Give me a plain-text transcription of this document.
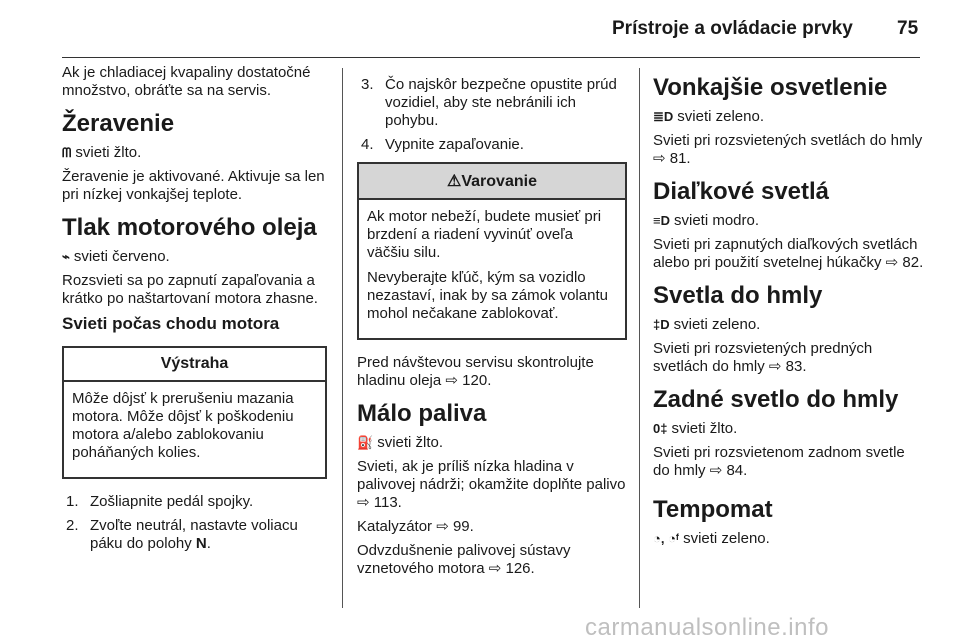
Prístroje a ovládacie prvky 75

Ak je chladiacej kvapaliny dostatočné množstvo, obráťte sa na servis.

Žeravenie

ᗰ svieti žlto.

Žeravenie je aktivované. Aktivuje sa len pri nízkej vonkajšej teplote.

Tlak motorového oleja

⌁ svieti červeno.

Rozsvieti sa po zapnutí zapaľovania a krátko po naštartovaní motora zhasne.

Svieti počas chodu motora
Výstraha

Môže dôjsť k prerušeniu mazania motora. Môže dôjsť k poškodeniu motora a/alebo zablokovaniu poháňaných kolies.

1. Zošliapnite pedál spojky.
2. Zvoľte neutrál, nastavte voliacu páku do polohy N.
3. Čo najskôr bezpečne opustite prúd vozidiel, aby ste nebránili ich pohybu.
4. Vypnite zapaľovanie.
⚠Varovanie

Ak motor nebeží, budete musieť pri brzdení a riadení vyvinúť oveľa väčšiu silu.

Nevyberajte kľúč, kým sa vozidlo nezastaví, inak by sa zámok volantu mohol nečakane zablokovať.

Pred návštevou servisu skontrolujte hladinu oleja ⇨ 120.

Málo paliva

⛽ svieti žlto.

Svieti, ak je príliš nízka hladina v palivovej nádrži; okamžite doplňte palivo ⇨ 113.

Katalyzátor ⇨ 99.

Odvzdušnenie palivovej sústavy vznetového motora ⇨ 126.

Vonkajšie osvetlenie

≣D svieti zeleno.

Svieti pri rozsvietených svetlách do hmly ⇨ 81.

Diaľkové svetlá

≡D svieti modro.

Svieti pri zapnutých diaľkových svetlách alebo pri použití svetelnej húkačky ⇨ 82.

Svetla do hmly

‡D svieti zeleno.

Svieti pri rozsvietených predných svetlách do hmly ⇨ 83.

Zadné svetlo do hmly

0‡ svieti žlto.

Svieti pri rozsvietenom zadnom svetle do hmly ⇨ 84.

Tempomat

◔, ◔ᶠ svieti zeleno.

carmanualsonline.info
